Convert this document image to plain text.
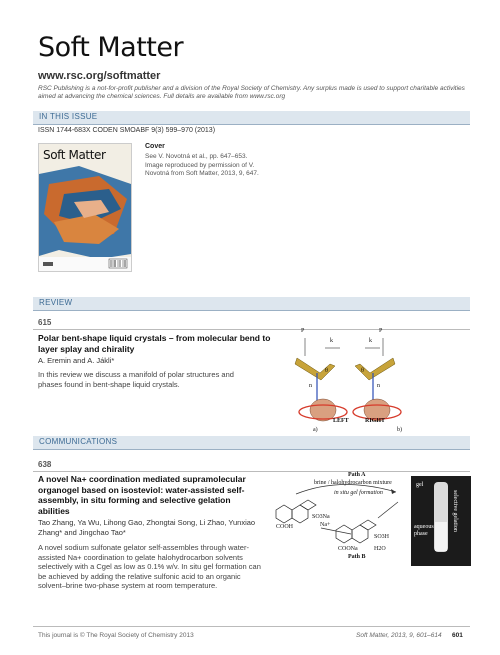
Soft Matter
www.rsc.org/softmatter
RSC Publishing is a not-for-profit publisher and a division of the Royal Society of Chemistry. Any surplus made is used to support charitable activities aimed at advancing the chemical sciences. Full details are available from www.rsc.org
IN THIS ISSUE
ISSN 1744-683X CODEN SMOABF 9(3) 599–970 (2013)
Soft Matter
Cover
See V. Novotná et al., pp. 647–653. Image reproduced by permission of V. Novotná from Soft Matter, 2013, 9, 647.
REVIEW
615
Polar bent-shape liquid crystals – from molecular bend to layer splay and chirality
A. Eremin and A. Jákli*
In this review we discuss a manifold of polar structures and phases found in bent-shape liquid crystals.
P	P
k	k
θ	θ
n	n
LEFT	RIGHT
a)	b)
COMMUNICATIONS
638
A novel Na+ coordination mediated supramolecular organogel based on isosteviol: water-assisted self-assembly, in situ forming and selective gelation abilities
Tao Zhang, Ya Wu, Lihong Gao, Zhongtai Song, Li Zhao, Yunxiao Zhang* and Jingchao Tao*
A novel sodium sulfonate gelator self-assembles through water-assisted Na+ coordination to gelate halohydrocarbon solvents selectively with a Cgel as low as 0.1% w/v. In situ gel formation can be achieved by adding the relative sulfonic acid to an organic solvent–brine two-phase system at room temperature.
Path A
brine / halohydrocarbon mixture
in situ gel formation
SO3Na
Na+
COOH
SO3H
COONa	H2O
Path B
gel
aqueous phase
selective gelation
This journal is © The Royal Society of Chemistry 2013	Soft Matter, 2013, 9, 601–614 601
